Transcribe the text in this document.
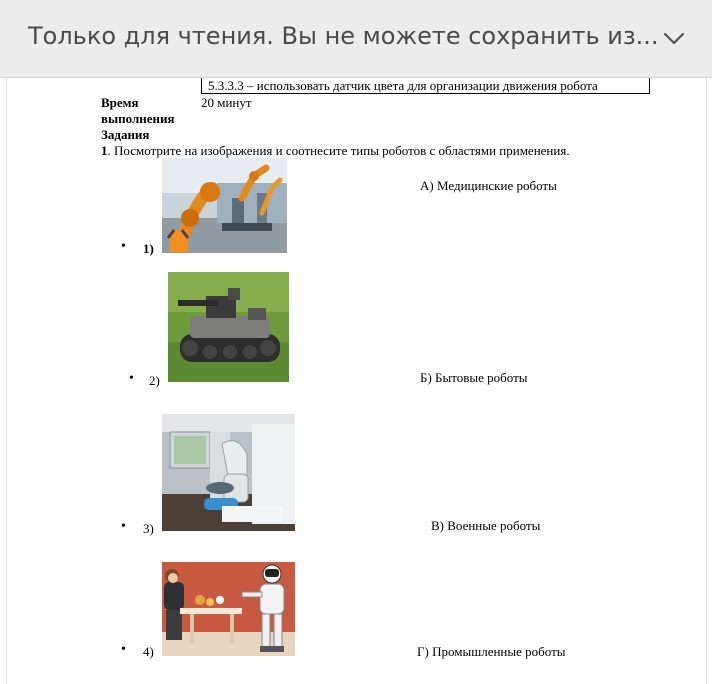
Только для чтения. Вы не можете сохранить из...
5.3.3.3 – использовать датчик цвета для организации движения робота
Время выполнения Задания
20 минут
1. Посмотрите на изображения и соотнесите типы роботов с областями применения.
• 1)
• 2)
• 3)
• 4)
А) Медицинские роботы
Б) Бытовые роботы
В) Военные роботы
Г) Промышленные роботы
